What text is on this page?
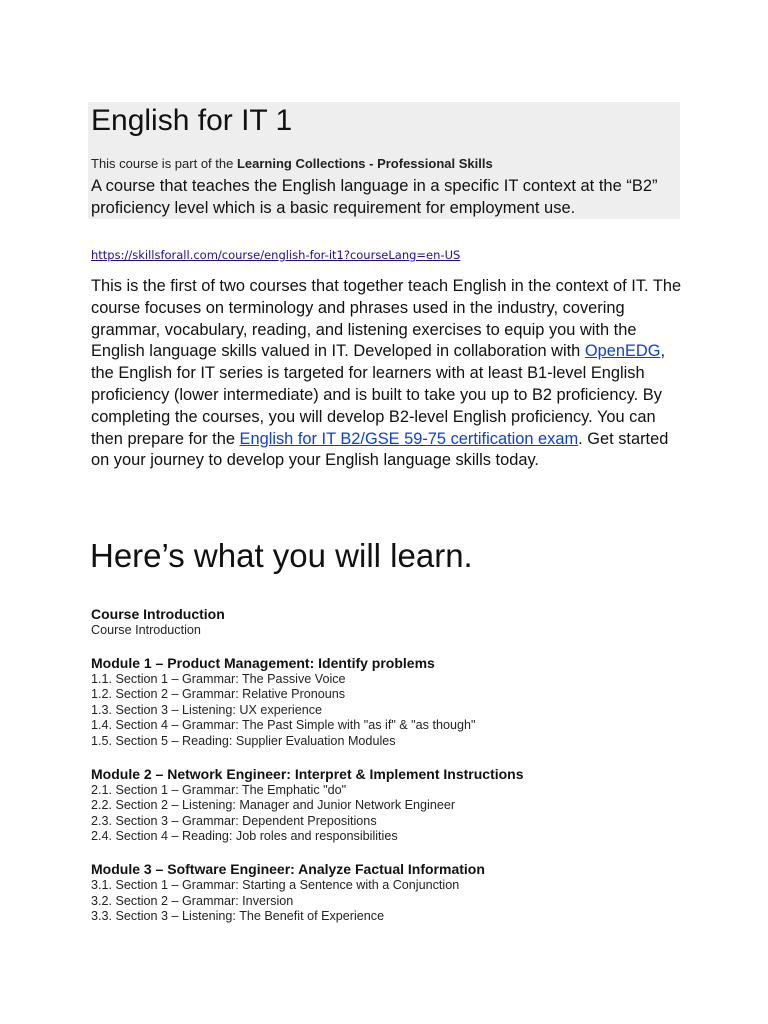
English for IT 1
This course is part of the Learning Collections - Professional Skills

A course that teaches the English language in a specific IT context at the “B2” proficiency level which is a basic requirement for employment use.

https://skillsforall.com/course/english-for-it1?courseLang=en-US

This is the first of two courses that together teach English in the context of IT. The course focuses on terminology and phrases used in the industry, covering grammar, vocabulary, reading, and listening exercises to equip you with the English language skills valued in IT. Developed in collaboration with OpenEDG, the English for IT series is targeted for learners with at least B1-level English proficiency (lower intermediate) and is built to take you up to B2 proficiency. By completing the courses, you will develop B2-level English proficiency. You can then prepare for the English for IT B2/GSE 59-75 certification exam. Get started on your journey to develop your English language skills today.

Here’s what you will learn.
Course Introduction
Course Introduction
Module 1 – Product Management: Identify problems
1.1. Section 1 – Grammar: The Passive Voice
1.2. Section 2 – Grammar: Relative Pronouns
1.3. Section 3 – Listening: UX experience
1.4. Section 4 – Grammar: The Past Simple with "as if" & "as though"
1.5. Section 5 – Reading: Supplier Evaluation Modules
Module 2 – Network Engineer: Interpret & Implement Instructions
2.1. Section 1 – Grammar: The Emphatic "do"
2.2. Section 2 – Listening: Manager and Junior Network Engineer
2.3. Section 3 – Grammar: Dependent Prepositions
2.4. Section 4 – Reading: Job roles and responsibilities
Module 3 – Software Engineer: Analyze Factual Information
3.1. Section 1 – Grammar: Starting a Sentence with a Conjunction
3.2. Section 2 – Grammar: Inversion
3.3. Section 3 – Listening: The Benefit of Experience
